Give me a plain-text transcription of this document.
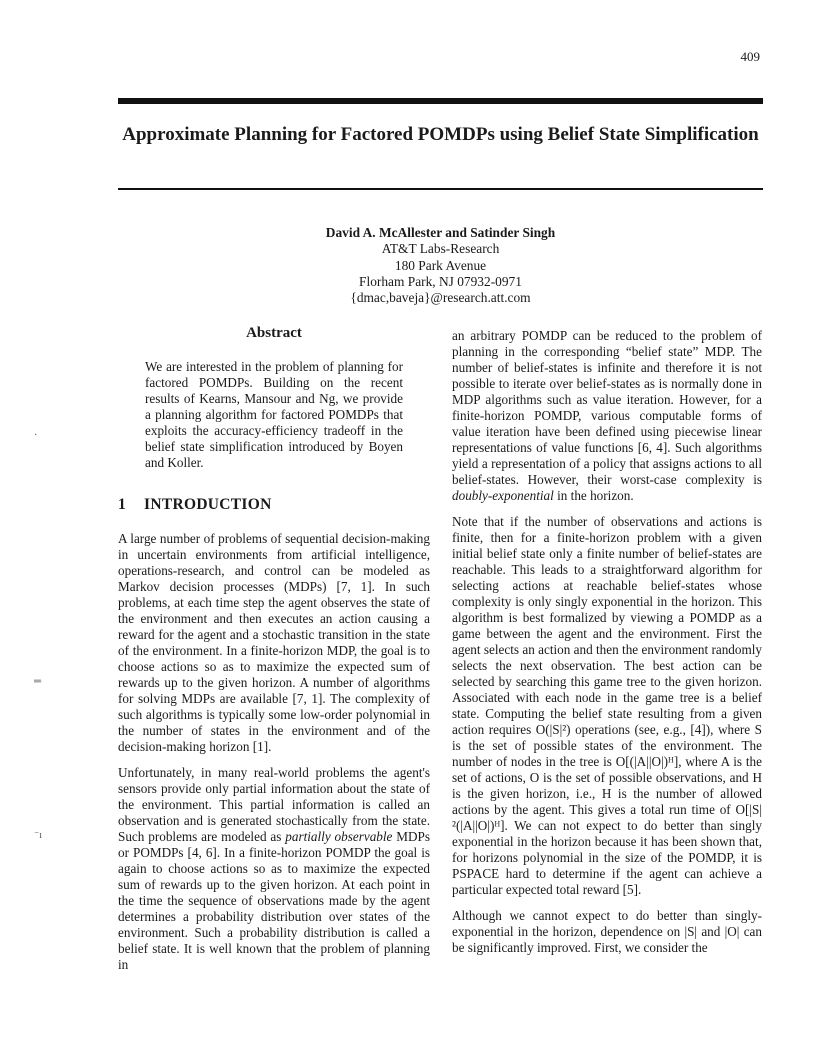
409
Approximate Planning for Factored POMDPs using Belief State Simplification
David A. McAllester and Satinder Singh
AT&T Labs-Research
180 Park Avenue
Florham Park, NJ 07932-0971
{dmac,baveja}@research.att.com
Abstract

We are interested in the problem of planning for factored POMDPs. Building on the recent results of Kearns, Mansour and Ng, we provide a planning algorithm for factored POMDPs that exploits the accuracy-efficiency tradeoff in the belief state simplification introduced by Boyen and Koller.

1 INTRODUCTION

A large number of problems of sequential decision-making in uncertain environments from artificial intelligence, operations-research, and control can be modeled as Markov decision processes (MDPs) [7, 1]. In such problems, at each time step the agent observes the state of the environment and then executes an action causing a reward for the agent and a stochastic transition in the state of the environment. In a finite-horizon MDP, the goal is to choose actions so as to maximize the expected sum of rewards up to the given horizon. A number of algorithms for solving MDPs are available [7, 1]. The complexity of such algorithms is typically some low-order polynomial in the number of states in the environment and of the decision-making horizon [1].

Unfortunately, in many real-world problems the agent's sensors provide only partial information about the state of the environment. This partial information is called an observation and is generated stochastically from the state. Such problems are modeled as partially observable MDPs or POMDPs [4, 6]. In a finite-horizon POMDP the goal is again to choose actions so as to maximize the expected sum of rewards up to the given horizon. At each point in the time the sequence of observations made by the agent determines a probability distribution over states of the environment. Such a probability distribution is called a belief state. It is well known that the problem of planning in

an arbitrary POMDP can be reduced to the problem of planning in the corresponding “belief state” MDP. The number of belief-states is infinite and therefore it is not possible to iterate over belief-states as is normally done in MDP algorithms such as value iteration. However, for a finite-horizon POMDP, various computable forms of value iteration have been defined using piecewise linear representations of value functions [6, 4]. Such algorithms yield a representation of a policy that assigns actions to all belief-states. However, their worst-case complexity is doubly-exponential in the horizon.

Note that if the number of observations and actions is finite, then for a finite-horizon problem with a given initial belief state only a finite number of belief-states are reachable. This leads to a straightforward algorithm for selecting actions at reachable belief-states whose complexity is only singly exponential in the horizon. This algorithm is best formalized by viewing a POMDP as a game between the agent and the environment. First the agent selects an action and then the environment randomly selects the next observation. The best action can be selected by searching this game tree to the given horizon. Associated with each node in the game tree is a belief state. Computing the belief state resulting from a given action requires O(|S|²) operations (see, e.g., [4]), where S is the set of possible states of the environment. The number of nodes in the tree is O[(|A||O|)ᴴ], where A is the set of actions, O is the set of possible observations, and H is the given horizon, i.e., H is the number of allowed actions by the agent. This gives a total run time of O[|S|²(|A||O|)ᴴ]. We can not expect to do better than singly exponential in the horizon because it has been shown that, for horizons polynomial in the size of the POMDP, it is PSPACE hard to determine if the agent can achieve a particular expected total reward [5].

Although we cannot expect to do better than singly-exponential in the horizon, dependence on |S| and |O| can be significantly improved. First, we consider the

·
═
⁻ı
